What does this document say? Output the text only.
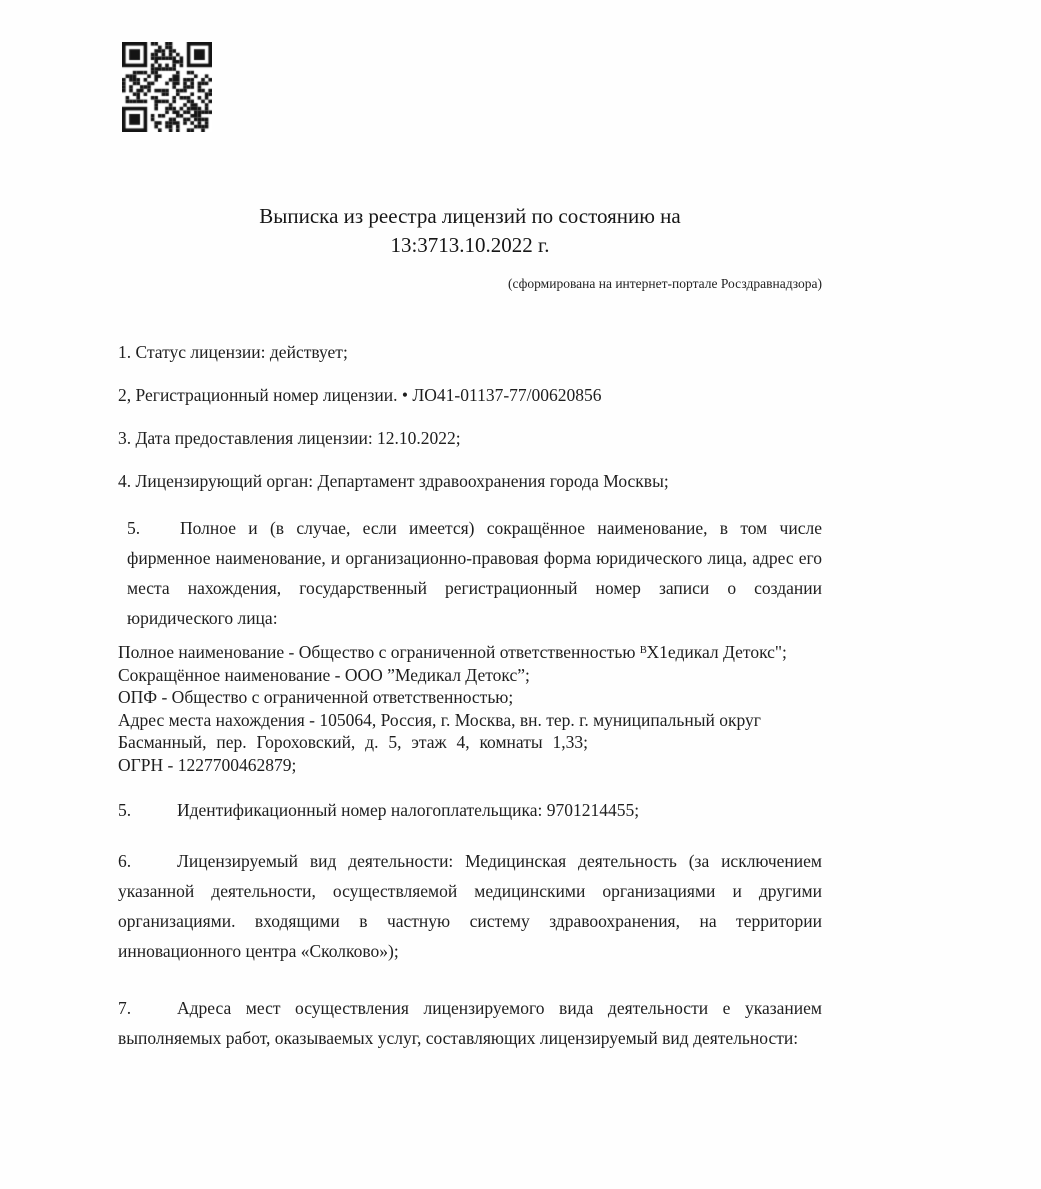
Выписка из реестра лицензий по состоянию на
13:3713.10.2022 г.
(сформирована на интернет-портале Росздравнадзора)

1. Статус лицензии: действует;

2, Регистрационный номер лицензии. • ЛО41-01137-77/00620856

3. Дата предоставления лицензии: 12.10.2022;

4. Лицензирующий орган: Департамент здравоохранения города Москвы;

5. Полное и (в случае, если имеется) сокращённое наименование, в том числе фирменное наименование, и организационно-правовая форма юридического лица, адрес его места нахождения, государственный регистрационный номер записи о создании юридического лица:

Полное наименование - Общество с ограниченной ответственностью ᴮХ1едикал Детокс";

Сокращённое наименование - ООО ”Медикал Детокс”;

ОПФ - Общество с ограниченной ответственностью;

Адрес места нахождения - 105064, Россия, г. Москва, вн. тер. г. муниципальный округ

Басманный, пер. Гороховский, д. 5, этаж 4, комнаты 1,33;

ОГРН - 1227700462879;

5.	Идентификационный номер налогоплательщика: 9701214455;

6.	Лицензируемый вид деятельности: Медицинская деятельность (за исключением указанной деятельности, осуществляемой медицинскими организациями и другими организациями. входящими в частную систему здравоохранения, на территории инновационного центра «Сколково»);

7.	Адреса мест осуществления лицензируемого вида деятельности е указанием выполняемых работ, оказываемых услуг, составляющих лицензируемый вид деятельности:
